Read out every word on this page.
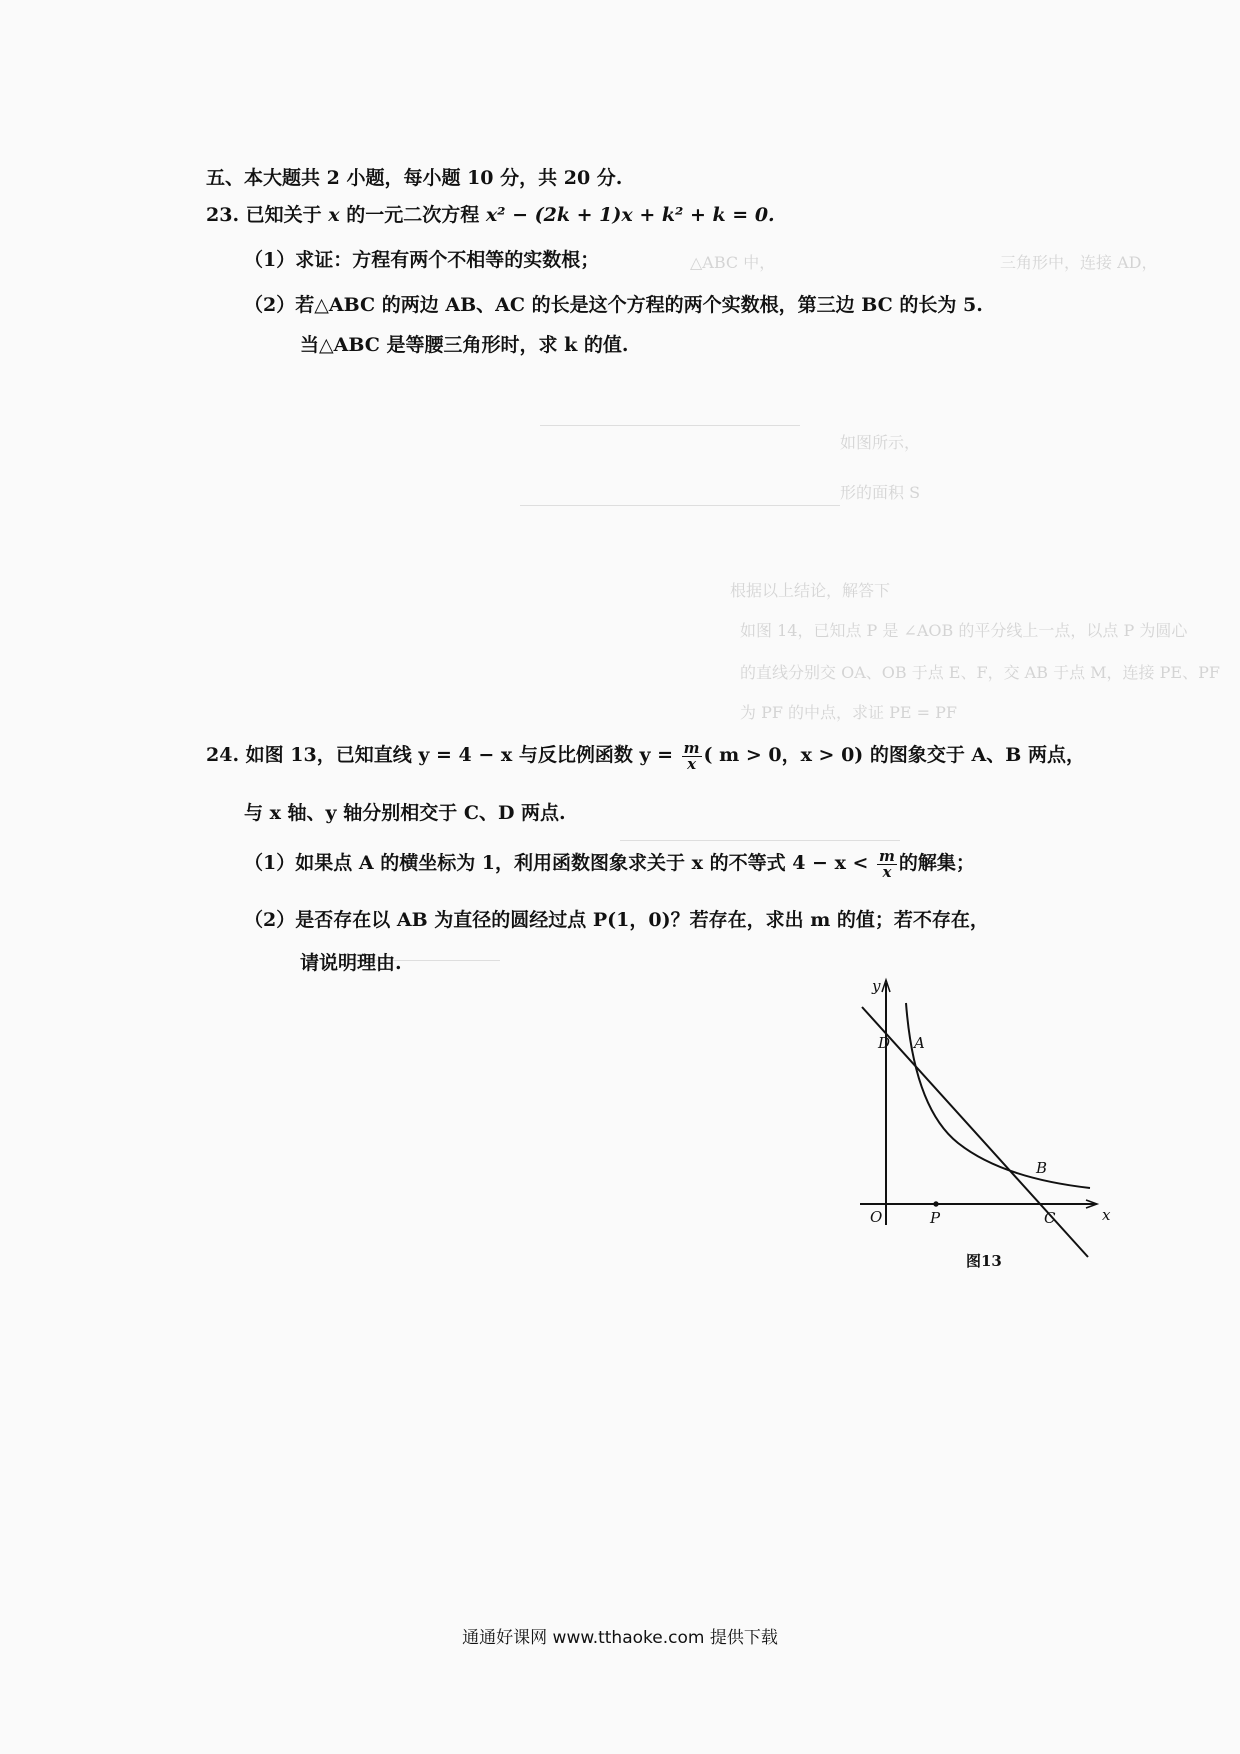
三角形中，连接 AD，
△ABC 中，
如图所示，
形的面积 S
根据以上结论，解答下
如图 14，已知点 P 是 ∠AOB 的平分线上一点，以点 P 为圆心
的直线分别交 OA、OB 于点 E、F，交 AB 于点 M，连接 PE、PF
为 PF 的中点，求证 PE = PF
五、本大题共 2 小题，每小题 10 分，共 20 分.
23. 已知关于 x 的一元二次方程 x² − (2k + 1)x + k² + k = 0.
（1）求证：方程有两个不相等的实数根；
（2）若△ABC 的两边 AB、AC 的长是这个方程的两个实数根，第三边 BC 的长为 5.
当△ABC 是等腰三角形时，求 k 的值.
24. 如图 13，已知直线 y = 4 − x 与反比例函数 $y = \frac{m}{x}$ ( m > 0，x > 0) 的图象交于 A、B 两点，
与 x 轴、y 轴分别相交于 C、D 两点.
（1）如果点 A 的横坐标为 1，利用函数图象求关于 x 的不等式 $4 - x < \frac{m}{x}$ 的解集；
（2）是否存在以 AB 为直径的圆经过点 P(1，0)？若存在，求出 m 的值；若不存在，
请说明理由.
y
x
O	P	C
B
A
D
图13
通通好课网 www.tthaoke.com 提供下载
